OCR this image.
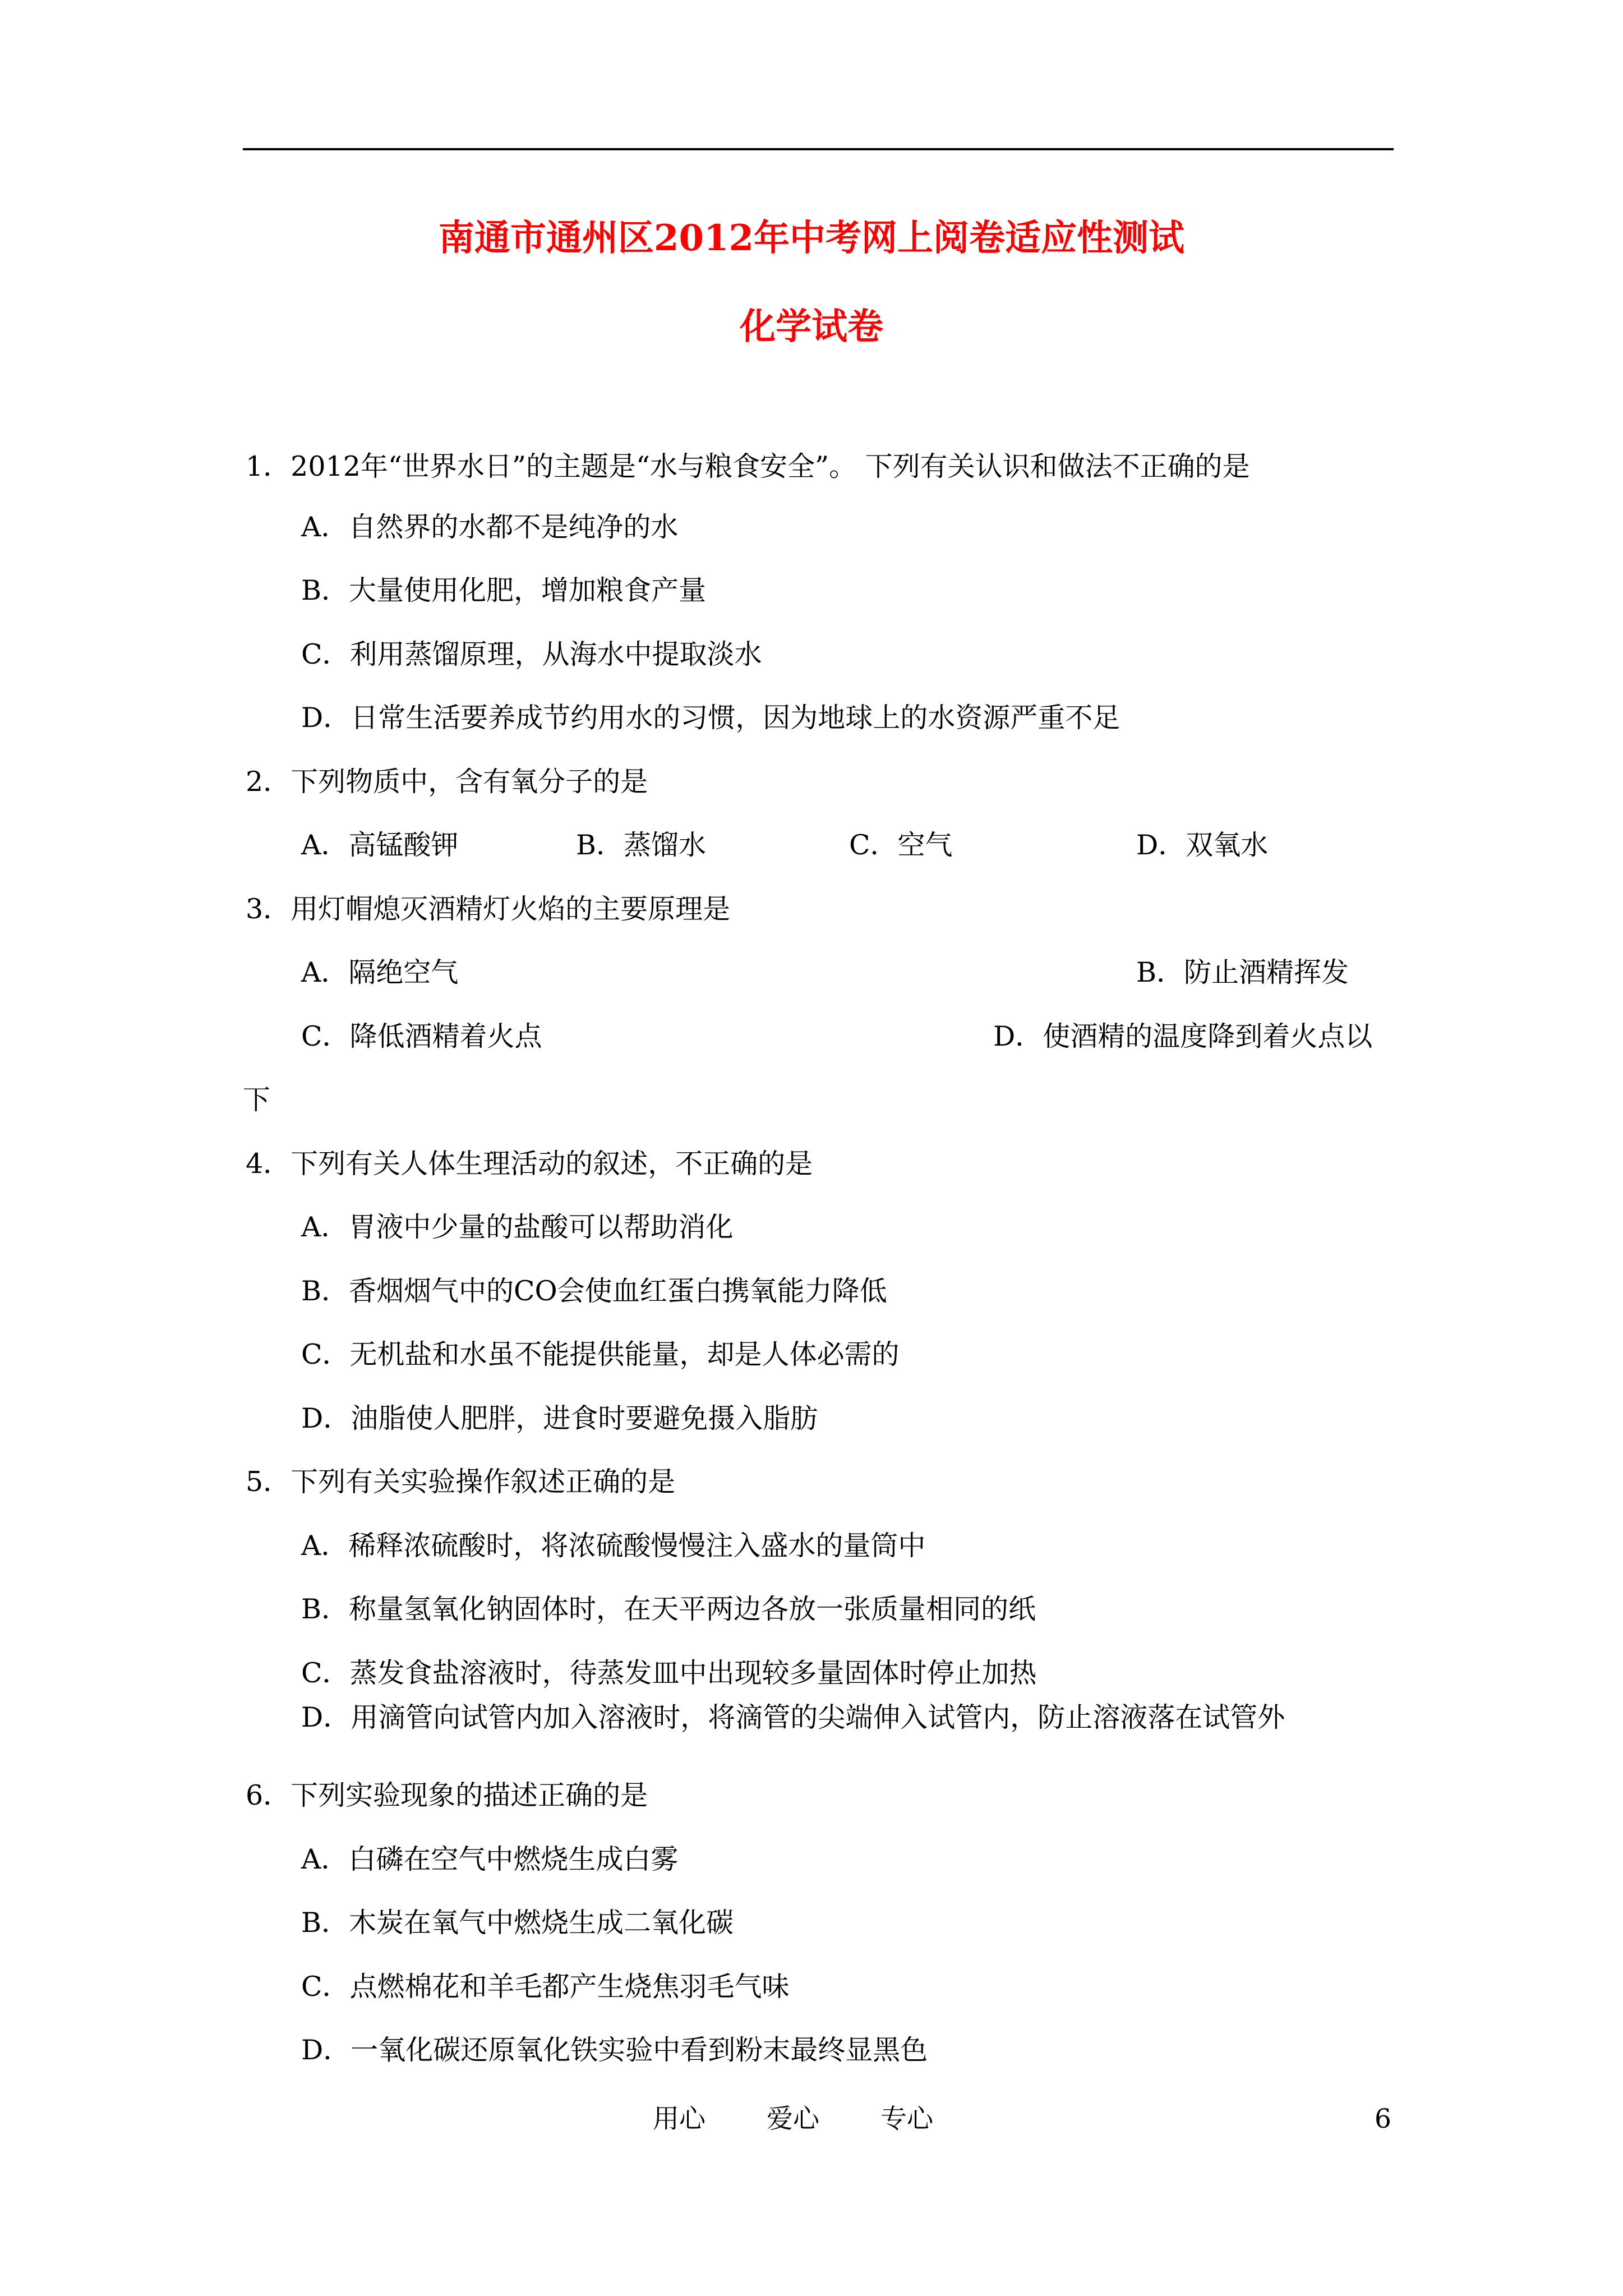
南通市通州区2012年中考网上阅卷适应性测试
化学试卷
1．2012年“世界水日”的主题是“水与粮食安全”。 下列有关认识和做法不正确的是
A．自然界的水都不是纯净的水
B．大量使用化肥，增加粮食产量
C．利用蒸馏原理，从海水中提取淡水
D．日常生活要养成节约用水的习惯，因为地球上的水资源严重不足
2．下列物质中，含有氧分子的是
A．高锰酸钾	B．蒸馏水	C．空气	D．双氧水
3．用灯帽熄灭酒精灯火焰的主要原理是
A．隔绝空气	B．防止酒精挥发
C．降低酒精着火点	D．使酒精的温度降到着火点以
下
4．下列有关人体生理活动的叙述，不正确的是
A．胃液中少量的盐酸可以帮助消化
B．香烟烟气中的CO会使血红蛋白携氧能力降低
C．无机盐和水虽不能提供能量，却是人体必需的
D．油脂使人肥胖，进食时要避免摄入脂肪
5．下列有关实验操作叙述正确的是
A．稀释浓硫酸时，将浓硫酸慢慢注入盛水的量筒中
B．称量氢氧化钠固体时，在天平两边各放一张质量相同的纸
C．蒸发食盐溶液时，待蒸发皿中出现较多量固体时停止加热
D．用滴管向试管内加入溶液时，将滴管的尖端伸入试管内，防止溶液落在试管外
6．下列实验现象的描述正确的是
A．白磷在空气中燃烧生成白雾
B．木炭在氧气中燃烧生成二氧化碳
C．点燃棉花和羊毛都产生烧焦羽毛气味
D．一氧化碳还原氧化铁实验中看到粉末最终显黑色
用心 爱心 专心	6
